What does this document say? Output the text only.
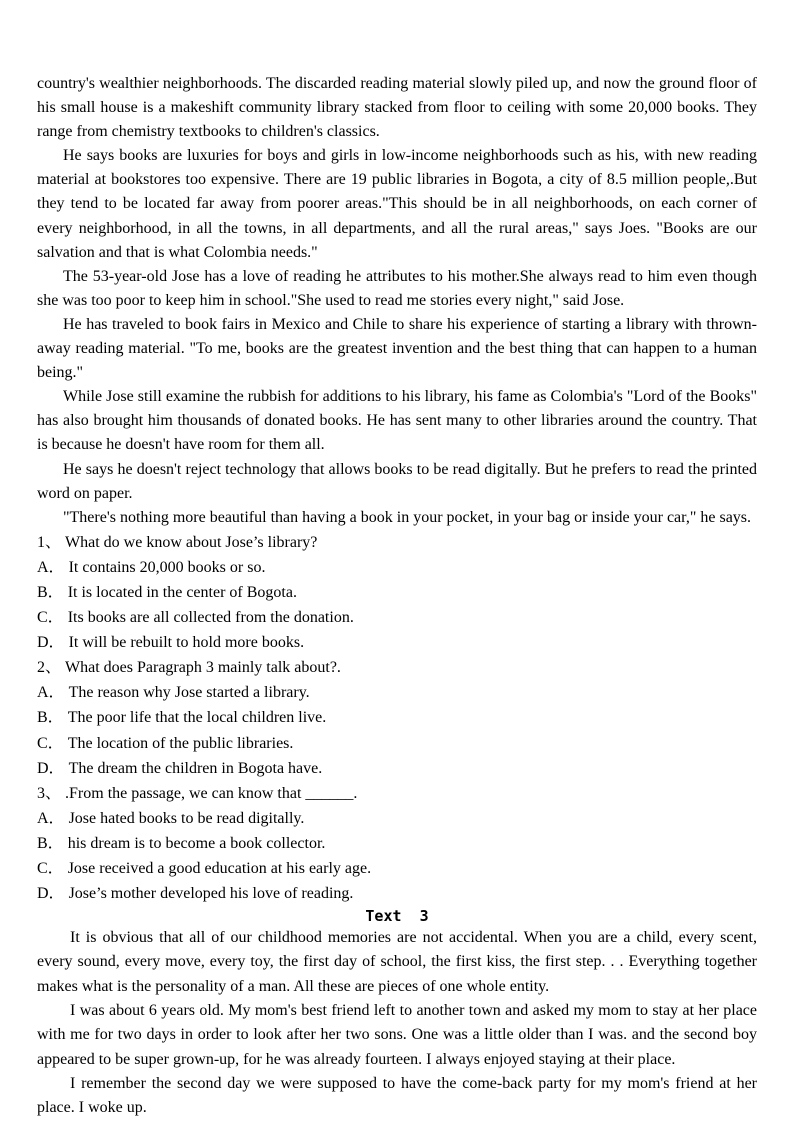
country's wealthier neighborhoods. The discarded reading material slowly piled up, and now the ground floor of his small house is a makeshift community library stacked from floor to ceiling with some 20,000 books. They range from chemistry textbooks to children's classics.

He says books are luxuries for boys and girls in low-income neighborhoods such as his, with new reading material at bookstores too expensive. There are 19 public libraries in Bogota, a city of 8.5 million people,.But they tend to be located far away from poorer areas."This should be in all neighborhoods, on each corner of every neighborhood, in all the towns, in all departments, and all the rural areas," says Joes. "Books are our salvation and that is what Colombia needs."

The 53-year-old Jose has a love of reading he attributes to his mother.She always read to him even though she was too poor to keep him in school."She used to read me stories every night," said Jose.

He has traveled to book fairs in Mexico and Chile to share his experience of starting a library with thrown-away reading material. "To me, books are the greatest invention and the best thing that can happen to a human being."

While Jose still examine the rubbish for additions to his library, his fame as Colombia's "Lord of the Books" has also brought him thousands of donated books. He has sent many to other libraries around the country. That is because he doesn't have room for them all.

He says he doesn't reject technology that allows books to be read digitally. But he prefers to read the printed word on paper.

"There's nothing more beautiful than having a book in your pocket, in your bag or inside your car," he says.

1、 What do we know about Jose’s library?
A． It contains 20,000 books or so.
B． It is located in the center of Bogota.
C． Its books are all collected from the donation.
D． It will be rebuilt to hold more books.
2、 What does Paragraph 3 mainly talk about?.
A． The reason why Jose started a library.
B． The poor life that the local children live.
C． The location of the public libraries.
D． The dream the children in Bogota have.
3、 .From the passage, we can know that ______.
A． Jose hated books to be read digitally.
B． his dream is to become a book collector.
C． Jose received a good education at his early age.
D． Jose’s mother developed his love of reading.

Text  3

It is obvious that all of our childhood memories are not accidental. When you are a child, every scent, every sound, every move, every toy, the first day of school, the first kiss, the first step. . . Everything together makes what is the personality of a man. All these are pieces of one whole entity.

I was about 6 years old. My mom's best friend left to another town and asked my mom to stay at her place with me for two days in order to look after her two sons. One was a little older than I was. and the second boy appeared to be super grown-up, for he was already fourteen. I always enjoyed staying at their place.

I remember the second day we were supposed to have the come-back party for my mom's friend at her place. I woke up.
